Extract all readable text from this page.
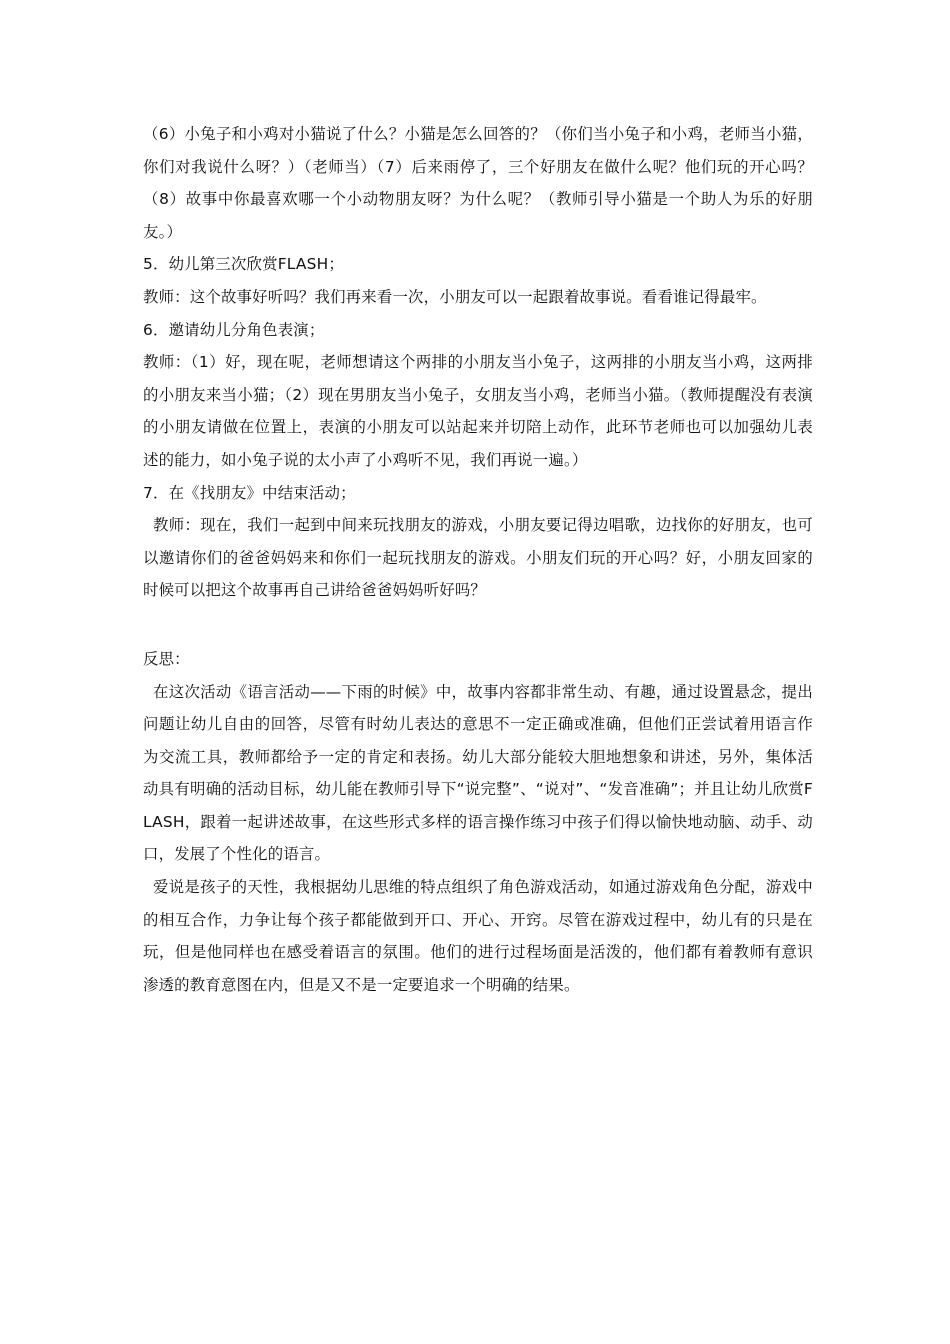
（6）小兔子和小鸡对小猫说了什么？小猫是怎么回答的？（你们当小兔子和小鸡，老师当小猫，你们对我说什么呀？）（老师当）（7）后来雨停了，三个好朋友在做什么呢？他们玩的开心吗？（8）故事中你最喜欢哪一个小动物朋友呀？为什么呢？（教师引导小猫是一个助人为乐的好朋友。）

5．幼儿第三次欣赏FLASH；

教师：这个故事好听吗？我们再来看一次，小朋友可以一起跟着故事说。看看谁记得最牢。

6．邀请幼儿分角色表演；

教师：（1）好，现在呢，老师想请这个两排的小朋友当小兔子，这两排的小朋友当小鸡，这两排的小朋友来当小猫；（2）现在男朋友当小兔子，女朋友当小鸡，老师当小猫。（教师提醒没有表演的小朋友请做在位置上，表演的小朋友可以站起来并切陪上动作，此环节老师也可以加强幼儿表述的能力，如小兔子说的太小声了小鸡听不见，我们再说一遍。）

7．在《找朋友》中结束活动；

教师：现在，我们一起到中间来玩找朋友的游戏，小朋友要记得边唱歌，边找你的好朋友，也可以邀请你们的爸爸妈妈来和你们一起玩找朋友的游戏。小朋友们玩的开心吗？好，小朋友回家的时候可以把这个故事再自己讲给爸爸妈妈听好吗？

反思：

在这次活动《语言活动——下雨的时候》中，故事内容都非常生动、有趣，通过设置悬念，提出问题让幼儿自由的回答，尽管有时幼儿表达的意思不一定正确或准确，但他们正尝试着用语言作为交流工具，教师都给予一定的肯定和表扬。幼儿大部分能较大胆地想象和讲述，另外，集体活动具有明确的活动目标，幼儿能在教师引导下“说完整”、“说对”、“发音准确”；并且让幼儿欣赏FLASH，跟着一起讲述故事，在这些形式多样的语言操作练习中孩子们得以愉快地动脑、动手、动口，发展了个性化的语言。

爱说是孩子的天性，我根据幼儿思维的特点组织了角色游戏活动，如通过游戏角色分配，游戏中的相互合作，力争让每个孩子都能做到开口、开心、开窍。尽管在游戏过程中，幼儿有的只是在玩，但是他同样也在感受着语言的氛围。他们的进行过程场面是活泼的，他们都有着教师有意识渗透的教育意图在内，但是又不是一定要追求一个明确的结果。
